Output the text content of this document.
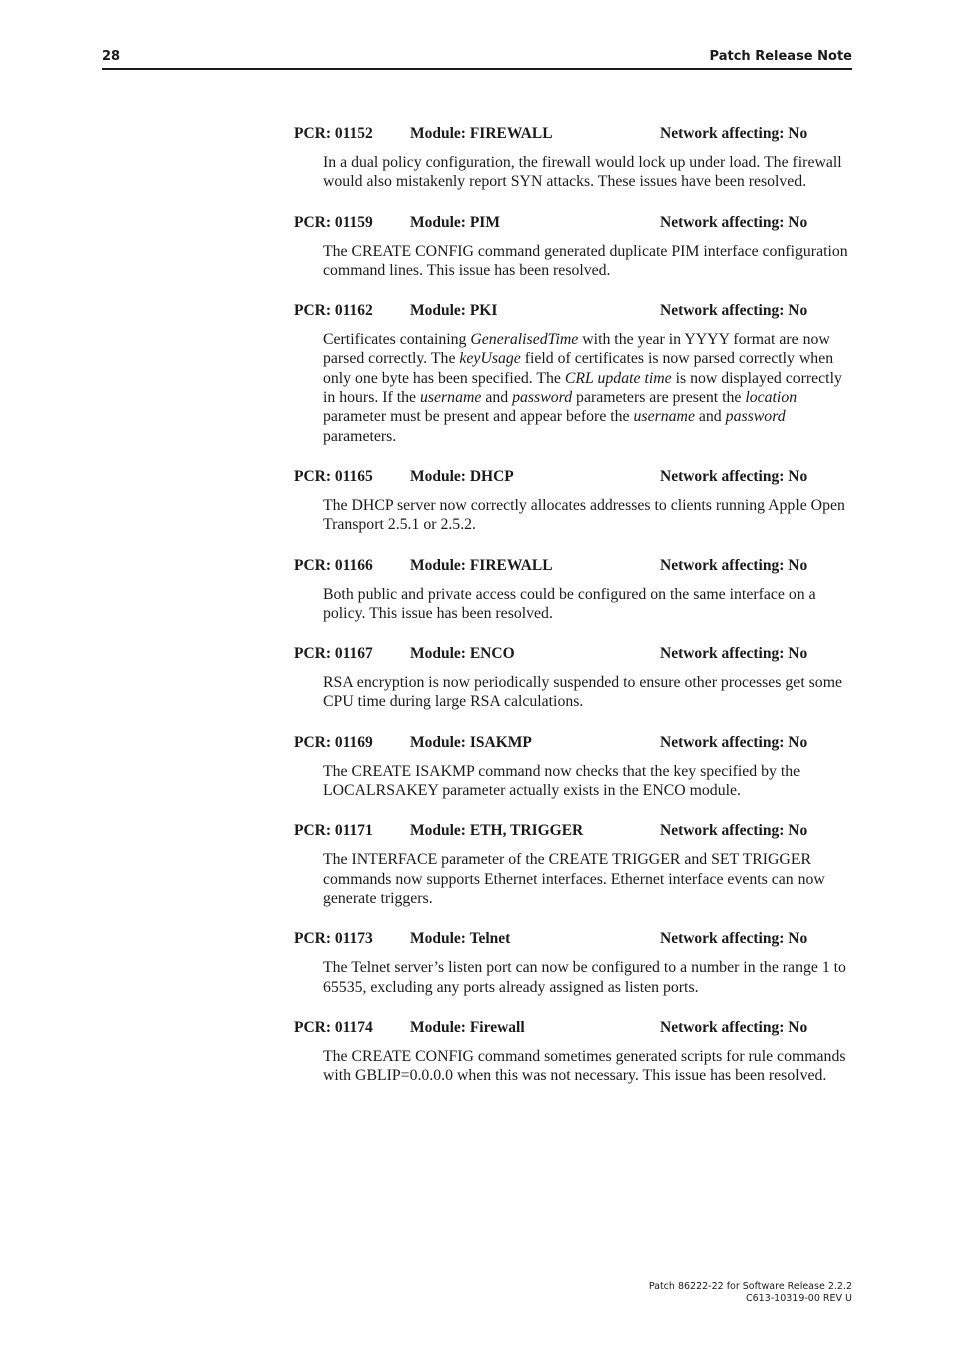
28	Patch Release Note
PCR: 01152 Module: FIREWALL	Network affecting: No

In a dual policy configuration, the firewall would lock up under load. The firewall would also mistakenly report SYN attacks. These issues have been resolved.

PCR: 01159 Module: PIM	Network affecting: No

The CREATE CONFIG command generated duplicate PIM interface configuration command lines. This issue has been resolved.

PCR: 01162 Module: PKI	Network affecting: No

Certificates containing GeneralisedTime with the year in YYYY format are now parsed correctly. The keyUsage field of certificates is now parsed correctly when only one byte has been specified. The CRL update time is now displayed correctly in hours. If the username and password parameters are present the location parameter must be present and appear before the username and password parameters.

PCR: 01165 Module: DHCP	Network affecting: No

The DHCP server now correctly allocates addresses to clients running Apple Open Transport 2.5.1 or 2.5.2.

PCR: 01166 Module: FIREWALL	Network affecting: No

Both public and private access could be configured on the same interface on a policy. This issue has been resolved.

PCR: 01167 Module: ENCO	Network affecting: No

RSA encryption is now periodically suspended to ensure other processes get some CPU time during large RSA calculations.

PCR: 01169 Module: ISAKMP	Network affecting: No

The CREATE ISAKMP command now checks that the key specified by the LOCALRSAKEY parameter actually exists in the ENCO module.

PCR: 01171 Module: ETH, TRIGGER	Network affecting: No

The INTERFACE parameter of the CREATE TRIGGER and SET TRIGGER commands now supports Ethernet interfaces. Ethernet interface events can now generate triggers.

PCR: 01173 Module: Telnet	Network affecting: No

The Telnet server’s listen port can now be configured to a number in the range 1 to 65535, excluding any ports already assigned as listen ports.

PCR: 01174 Module: Firewall	Network affecting: No

The CREATE CONFIG command sometimes generated scripts for rule commands with GBLIP=0.0.0.0 when this was not necessary. This issue has been resolved.

Patch 86222-22 for Software Release 2.2.2
C613-10319-00 REV U
